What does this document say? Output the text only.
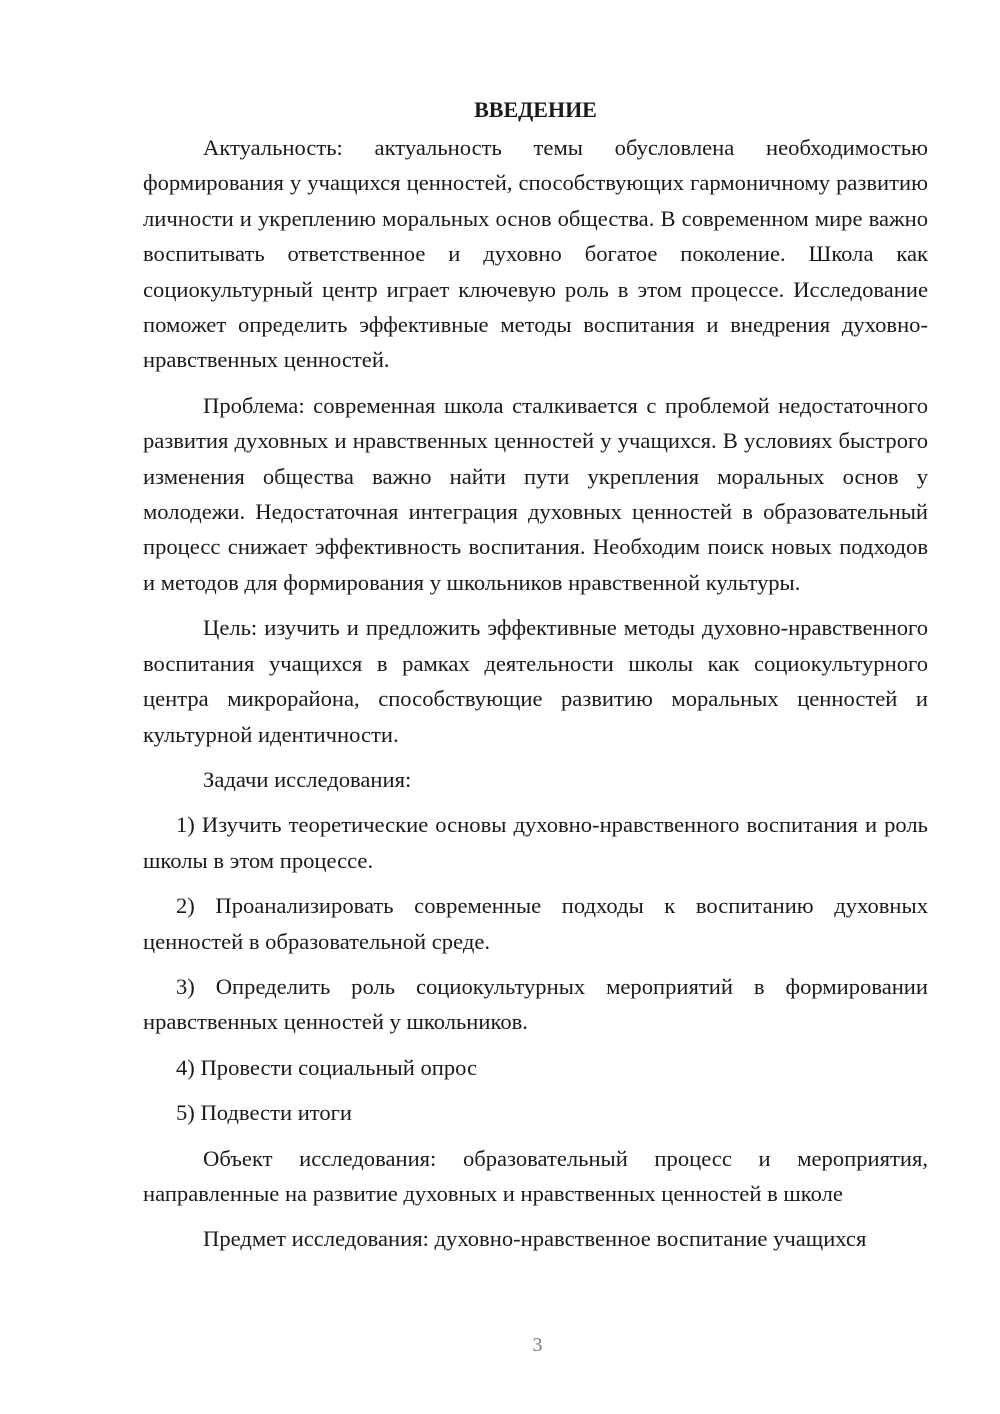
ВВЕДЕНИЕ

Актуальность: актуальность темы обусловлена необходимостью формирования у учащихся ценностей, способствующих гармоничному развитию личности и укреплению моральных основ общества. В современном мире важно воспитывать ответственное и духовно богатое поколение. Школа как социокультурный центр играет ключевую роль в этом процессе. Исследование поможет определить эффективные методы воспитания и внедрения духовно-нравственных ценностей.

Проблема: современная школа сталкивается с проблемой недостаточного развития духовных и нравственных ценностей у учащихся. В условиях быстрого изменения общества важно найти пути укрепления моральных основ у молодежи. Недостаточная интеграция духовных ценностей в образовательный процесс снижает эффективность воспитания. Необходим поиск новых подходов и методов для формирования у школьников нравственной культуры.

Цель: изучить и предложить эффективные методы духовно-нравственного воспитания учащихся в рамках деятельности школы как социокультурного центра микрорайона, способствующие развитию моральных ценностей и культурной идентичности.

Задачи исследования:

1) Изучить теоретические основы духовно-нравственного воспитания и роль школы в этом процессе.

2) Проанализировать современные подходы к воспитанию духовных ценностей в образовательной среде.

3) Определить роль социокультурных мероприятий в формировании нравственных ценностей у школьников.

4) Провести социальный опрос

5) Подвести итоги

Объект исследования: образовательный процесс и мероприятия, направленные на развитие духовных и нравственных ценностей в школе

Предмет исследования: духовно-нравственное воспитание учащихся

3
